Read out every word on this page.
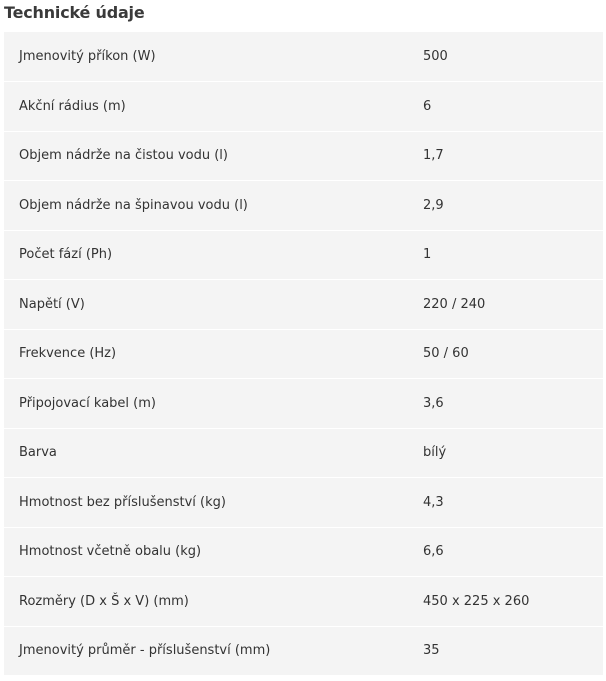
Technické údaje
Jmenovitý příkon (W)	500
Akční rádius (m)	6
Objem nádrže na čistou vodu (l)	1,7
Objem nádrže na špinavou vodu (l)	2,9
Počet fází (Ph)	1
Napětí (V)	220 / 240
Frekvence (Hz)	50 / 60
Připojovací kabel (m)	3,6
Barva	bílý
Hmotnost bez příslušenství (kg)	4,3
Hmotnost včetně obalu (kg)	6,6
Rozměry (D x Š x V) (mm)	450 x 225 x 260
Jmenovitý průměr - příslušenství (mm)	35
